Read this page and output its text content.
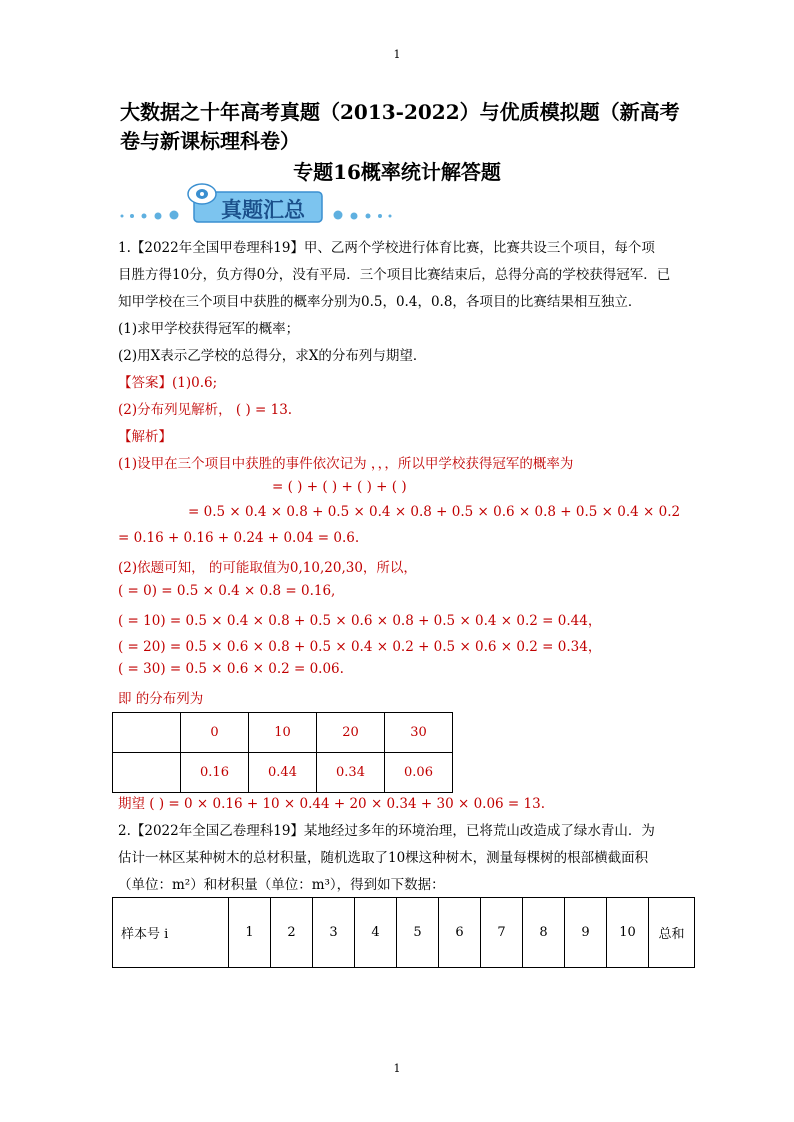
1
大数据之十年高考真题（2013-2022）与优质模拟题（新高考卷与新课标理科卷）
专题16概率统计解答题
真题汇总
1.【2022年全国甲卷理科19】甲、乙两个学校进行体育比赛，比赛共设三个项目，每个项
目胜方得10分，负方得0分，没有平局．三个项目比赛结束后，总得分高的学校获得冠军．已
知甲学校在三个项目中获胜的概率分别为0.5，0.4，0.8，各项目的比赛结果相互独立．
(1)求甲学校获得冠军的概率；
(2)用X表示乙学校的总得分，求X的分布列与期望．
【答案】(1)0.6;
(2)分布列见解析， ( ) = 13.
【解析】
(1)设甲在三个项目中获胜的事件依次记为 ，，，所以甲学校获得冠军的概率为
= ( ) + ( ) + ( ) + ( )
= 0.5 × 0.4 × 0.8 + 0.5 × 0.4 × 0.8 + 0.5 × 0.6 × 0.8 + 0.5 × 0.4 × 0.2
= 0.16 + 0.16 + 0.24 + 0.04 = 0.6.
(2)依题可知， 的可能取值为0,10,20,30，所以，
( = 0) = 0.5 × 0.4 × 0.8 = 0.16,
( = 10) = 0.5 × 0.4 × 0.8 + 0.5 × 0.6 × 0.8 + 0.5 × 0.4 × 0.2 = 0.44，
( = 20) = 0.5 × 0.6 × 0.8 + 0.5 × 0.4 × 0.2 + 0.5 × 0.6 × 0.2 = 0.34，
( = 30) = 0.5 × 0.6 × 0.2 = 0.06.
即 的分布列为
	0	10	20	30
	0.16	0.44	0.34	0.06
期望 ( ) = 0 × 0.16 + 10 × 0.44 + 20 × 0.34 + 30 × 0.06 = 13.
2.【2022年全国乙卷理科19】某地经过多年的环境治理，已将荒山改造成了绿水青山．为
估计一林区某种树木的总材积量，随机选取了10棵这种树木，测量每棵树的根部横截面积
（单位：m²）和材积量（单位：m³），得到如下数据：
样本号 i	1	2	3	4	5	6	7	8	9	10	总和
1
